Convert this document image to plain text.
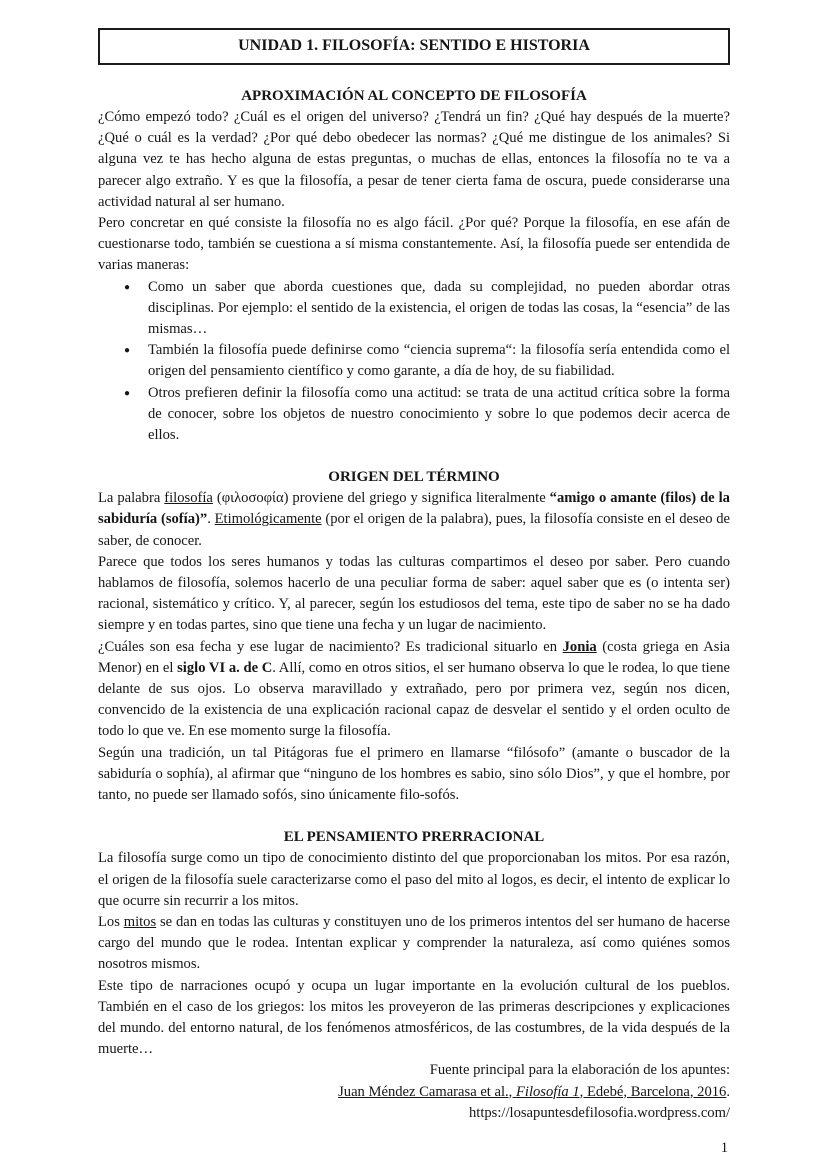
UNIDAD 1. FILOSOFÍA: SENTIDO E HISTORIA
APROXIMACIÓN AL CONCEPTO DE FILOSOFÍA

¿Cómo empezó todo? ¿Cuál es el origen del universo? ¿Tendrá un fin? ¿Qué hay después de la muerte? ¿Qué o cuál es la verdad? ¿Por qué debo obedecer las normas? ¿Qué me distingue de los animales? Si alguna vez te has hecho alguna de estas preguntas, o muchas de ellas, entonces la filosofía no te va a parecer algo extraño. Y es que la filosofía, a pesar de tener cierta fama de oscura, puede considerarse una actividad natural al ser humano.

Pero concretar en qué consiste la filosofía no es algo fácil. ¿Por qué? Porque la filosofía, en ese afán de cuestionarse todo, también se cuestiona a sí misma constantemente. Así, la filosofía puede ser entendida de varias maneras:

● Como un saber que aborda cuestiones que, dada su complejidad, no pueden abordar otras disciplinas. Por ejemplo: el sentido de la existencia, el origen de todas las cosas, la “esencia” de las mismas…
● También la filosofía puede definirse como “ciencia suprema“: la filosofía sería entendida como el origen del pensamiento científico y como garante, a día de hoy, de su fiabilidad.
● Otros prefieren definir la filosofía como una actitud: se trata de una actitud crítica sobre la forma de conocer, sobre los objetos de nuestro conocimiento y sobre lo que podemos decir acerca de ellos.
ORIGEN DEL TÉRMINO

La palabra filosofía (φιλοσοφία) proviene del griego y significa literalmente “amigo o amante (filos) de la sabiduría (sofía)”. Etimológicamente (por el origen de la palabra), pues, la filosofía consiste en el deseo de saber, de conocer.

Parece que todos los seres humanos y todas las culturas compartimos el deseo por saber. Pero cuando hablamos de filosofía, solemos hacerlo de una peculiar forma de saber: aquel saber que es (o intenta ser) racional, sistemático y crítico. Y, al parecer, según los estudiosos del tema, este tipo de saber no se ha dado siempre y en todas partes, sino que tiene una fecha y un lugar de nacimiento.

¿Cuáles son esa fecha y ese lugar de nacimiento? Es tradicional situarlo en Jonia (costa griega en Asia Menor) en el siglo VI a. de C. Allí, como en otros sitios, el ser humano observa lo que le rodea, lo que tiene delante de sus ojos. Lo observa maravillado y extrañado, pero por primera vez, según nos dicen, convencido de la existencia de una explicación racional capaz de desvelar el sentido y el orden oculto de todo lo que ve. En ese momento surge la filosofía.

Según una tradición, un tal Pitágoras fue el primero en llamarse “filósofo” (amante o buscador de la sabiduría o sophía), al afirmar que “ninguno de los hombres es sabio, sino sólo Dios”, y que el hombre, por tanto, no puede ser llamado sofós, sino únicamente filo-sofós.

EL PENSAMIENTO PRERRACIONAL

La filosofía surge como un tipo de conocimiento distinto del que proporcionaban los mitos. Por esa razón, el origen de la filosofía suele caracterizarse como el paso del mito al logos, es decir, el intento de explicar lo que ocurre sin recurrir a los mitos.

Los mitos se dan en todas las culturas y constituyen uno de los primeros intentos del ser humano de hacerse cargo del mundo que le rodea. Intentan explicar y comprender la naturaleza, así como quiénes somos nosotros mismos.

Este tipo de narraciones ocupó y ocupa un lugar importante en la evolución cultural de los pueblos. También en el caso de los griegos: los mitos les proveyeron de las primeras descripciones y explicaciones del mundo. del entorno natural, de los fenómenos atmosféricos, de las costumbres, de la vida después de la muerte…

Fuente principal para la elaboración de los apuntes:

Juan Méndez Camarasa et al., Filosofía 1, Edebé, Barcelona, 2016.

https://losapuntesdefilosofia.wordpress.com/

1
